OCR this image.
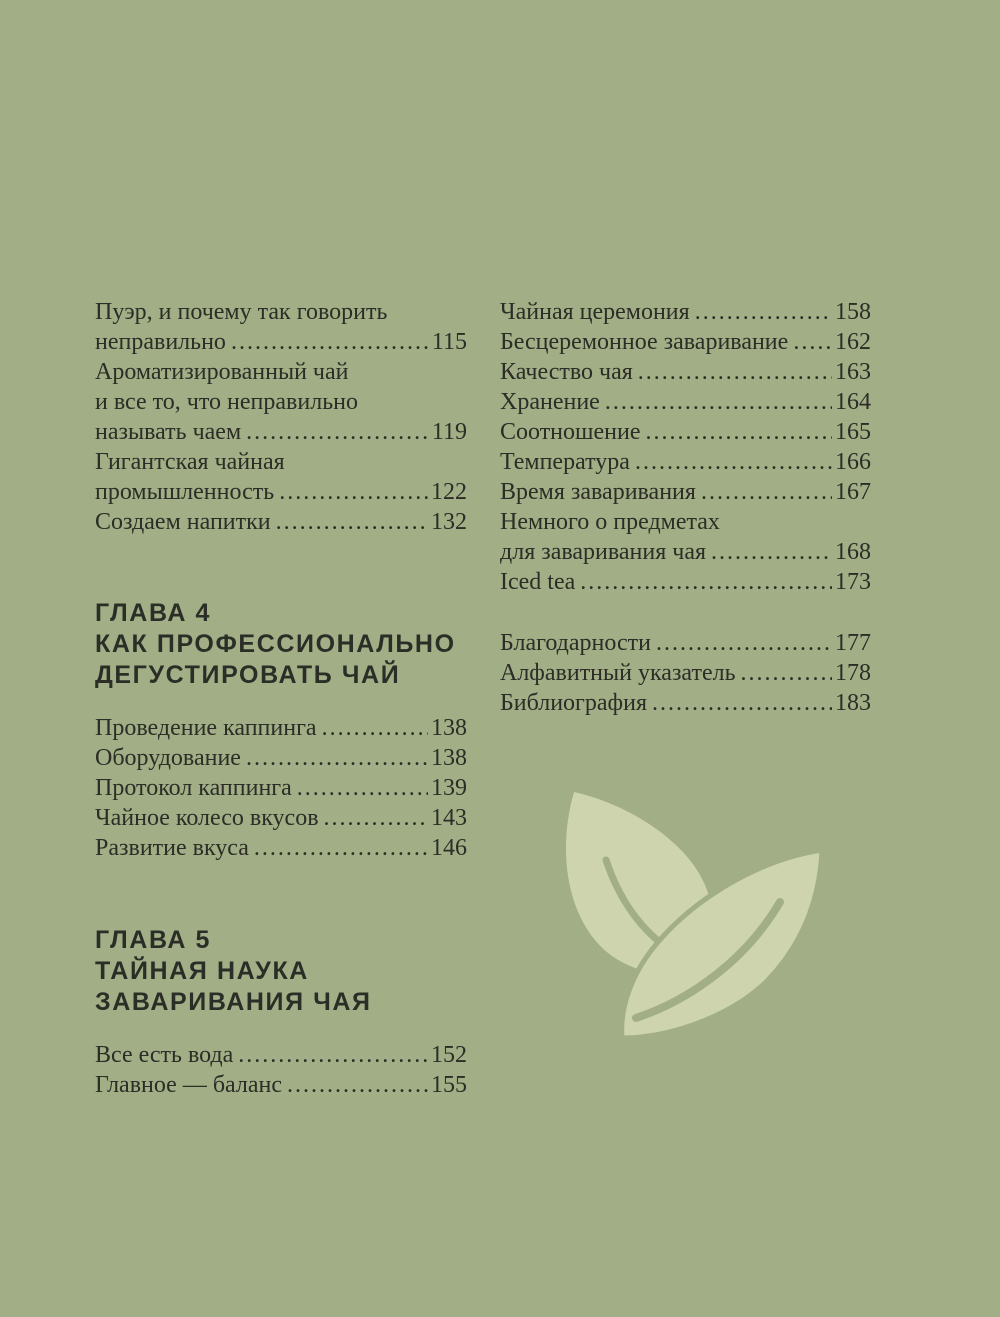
Пуэр, и почему так говорить
неправильно .....	115
Ароматизированный чай
и все то, что неправильно
называть чаем .....	119
Гигантская чайная
промышленность .....	122
Создаем напитки .....	132
ГЛАВА 4
КАК ПРОФЕССИОНАЛЬНО
ДЕГУСТИРОВАТЬ ЧАЙ
Проведение каппинга .....	138
Оборудование .....	138
Протокол каппинга .....	139
Чайное колесо вкусов .....	143
Развитие вкуса .....	146
ГЛАВА 5
ТАЙНАЯ НАУКА
ЗАВАРИВАНИЯ ЧАЯ
Все есть вода .....	152
Главное — баланс .....	155
Чайная церемония .....	158
Бесцеремонное заваривание ..... 162
Качество чая .....	163
Хранение .....	164
Соотношение .....	165
Температура .....	166
Время заваривания .....	167
Немного о предметах
для заваривания чая .....	168
Iced tea .....	173
Благодарности .....	177
Алфавитный указатель .....	178
Библиография .....	183
